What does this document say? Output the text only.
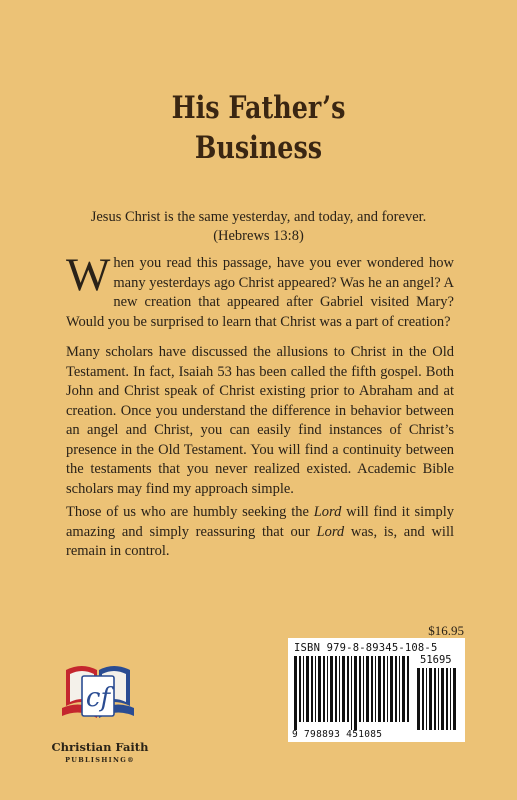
His Father’s
Business
Jesus Christ is the same yesterday, and today, and forever.
(Hebrews 13:8)
When you read this passage, have you ever wondered how many yesterdays ago Christ appeared? Was he an angel? A new creation that appeared after Gabriel visited Mary? Would you be surprised to learn that Christ was a part of creation?
Many scholars have discussed the allusions to Christ in the Old Testament. In fact, Isaiah 53 has been called the fifth gospel. Both John and Christ speak of Christ existing prior to Abraham and at creation. Once you understand the difference in behavior between an angel and Christ, you can easily find instances of Christ’s presence in the Old Testament. You will find a continuity between the testaments that you never realized existed. Academic Bible scholars may find my approach simple.
Those of us who are humbly seeking the Lord will find it simply amazing and simply reassuring that our Lord was, is, and will remain in control.
$16.95
ISBN 979-8-89345-108-5
51695
9 798893 451085
cf
Christian Faith
PUBLISHING®
